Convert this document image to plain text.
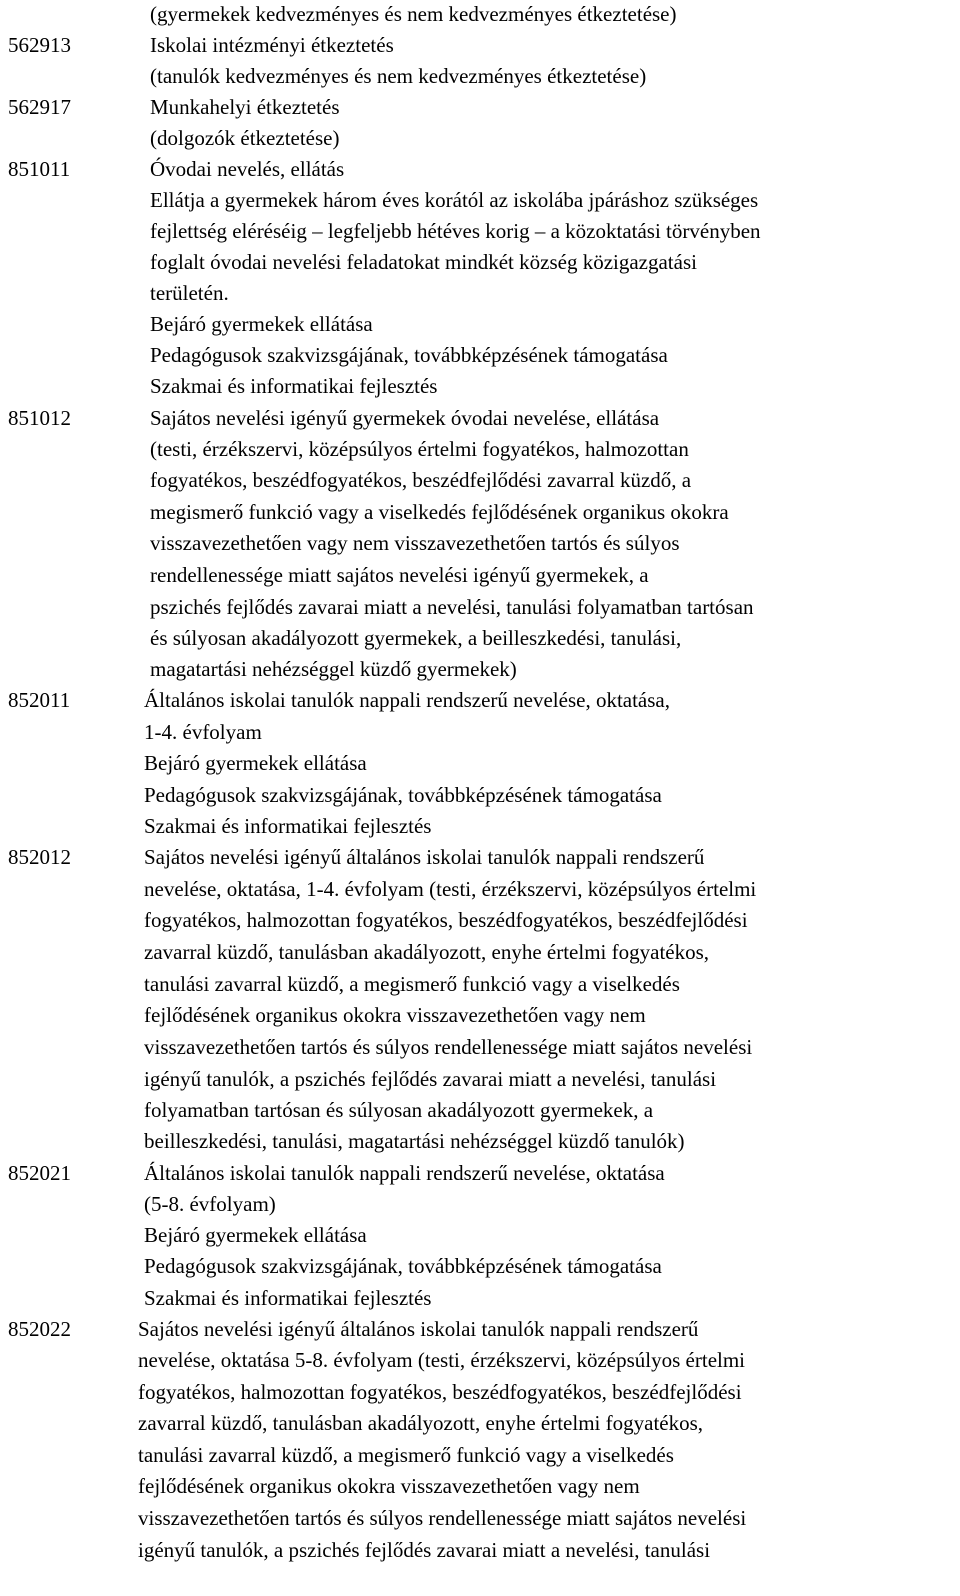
(gyermekek kedvezményes és nem kedvezményes étkeztetése)
562913	Iskolai intézményi étkeztetés
(tanulók kedvezményes és nem kedvezményes étkeztetése)
562917	Munkahelyi étkeztetés
(dolgozók étkeztetése)
851011	Óvodai nevelés, ellátás
Ellátja a gyermekek három éves korától az iskolába jpáráshoz szükséges
fejlettség eléréséig – legfeljebb hétéves korig – a közoktatási törvényben
foglalt óvodai nevelési feladatokat mindkét község közigazgatási
területén.
Bejáró gyermekek ellátása
Pedagógusok szakvizsgájának, továbbképzésének támogatása
Szakmai és informatikai fejlesztés
851012	Sajátos nevelési igényű gyermekek óvodai nevelése, ellátása
(testi, érzékszervi, középsúlyos értelmi fogyatékos, halmozottan
fogyatékos, beszédfogyatékos, beszédfejlődési zavarral küzdő, a
megismerő funkció vagy a viselkedés fejlődésének organikus okokra
visszavezethetően vagy nem visszavezethetően tartós és súlyos
rendellenessége miatt sajátos nevelési igényű gyermekek, a
pszichés fejlődés zavarai miatt a nevelési, tanulási folyamatban tartósan
és súlyosan akadályozott gyermekek, a beilleszkedési, tanulási,
magatartási nehézséggel küzdő gyermekek)
852011	Általános iskolai tanulók nappali rendszerű nevelése, oktatása,
1-4. évfolyam
Bejáró gyermekek ellátása
Pedagógusok szakvizsgájának, továbbképzésének támogatása
Szakmai és informatikai fejlesztés
852012	Sajátos nevelési igényű általános iskolai tanulók nappali rendszerű
nevelése, oktatása, 1-4. évfolyam (testi, érzékszervi, középsúlyos értelmi
fogyatékos, halmozottan fogyatékos, beszédfogyatékos, beszédfejlődési
zavarral küzdő, tanulásban akadályozott, enyhe értelmi fogyatékos,
tanulási zavarral küzdő, a megismerő funkció vagy a viselkedés
fejlődésének organikus okokra visszavezethetően vagy nem
visszavezethetően tartós és súlyos rendellenessége miatt sajátos nevelési
igényű tanulók, a pszichés fejlődés zavarai miatt a nevelési, tanulási
folyamatban tartósan és súlyosan akadályozott gyermekek, a
beilleszkedési, tanulási, magatartási nehézséggel küzdő tanulók)
852021	Általános iskolai tanulók nappali rendszerű nevelése, oktatása
(5-8. évfolyam)
Bejáró gyermekek ellátása
Pedagógusok szakvizsgájának, továbbképzésének támogatása
Szakmai és informatikai fejlesztés
852022	Sajátos nevelési igényű általános iskolai tanulók nappali rendszerű
nevelése, oktatása 5-8. évfolyam (testi, érzékszervi, középsúlyos értelmi
fogyatékos, halmozottan fogyatékos, beszédfogyatékos, beszédfejlődési
zavarral küzdő, tanulásban akadályozott, enyhe értelmi fogyatékos,
tanulási zavarral küzdő, a megismerő funkció vagy a viselkedés
fejlődésének organikus okokra visszavezethetően vagy nem
visszavezethetően tartós és súlyos rendellenessége miatt sajátos nevelési
igényű tanulók, a pszichés fejlődés zavarai miatt a nevelési, tanulási
